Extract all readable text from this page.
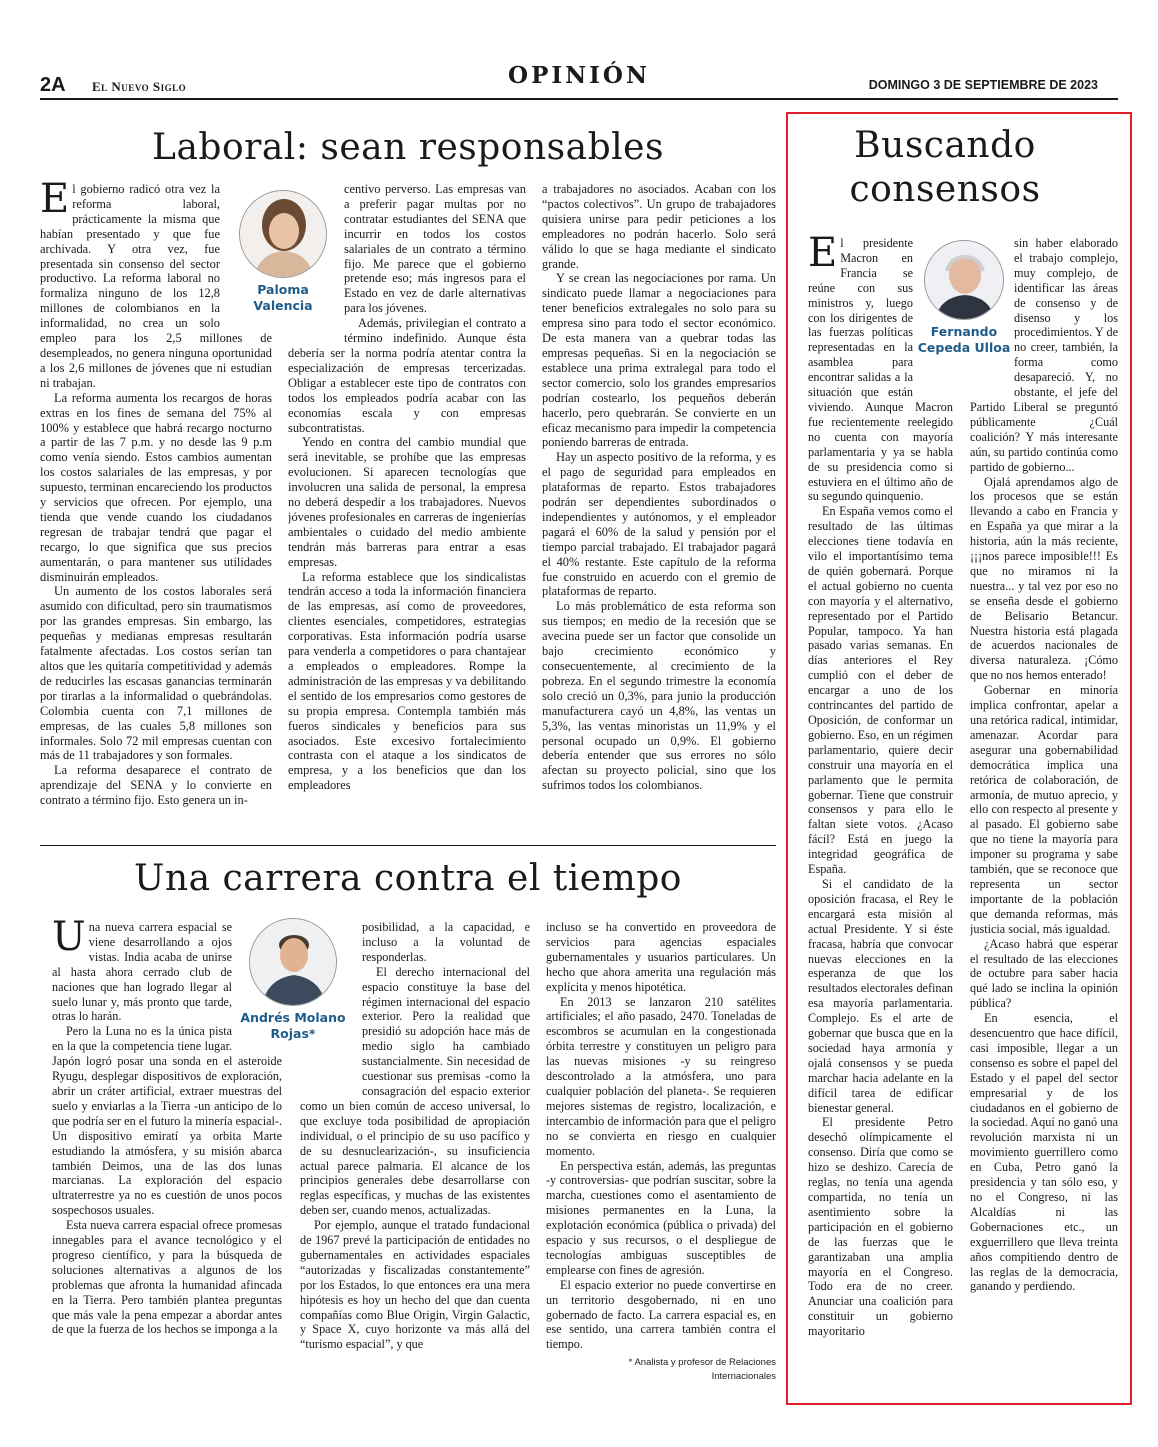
2A El Nuevo Siglo	OPINIÓN	DOMINGO 3 DE SEPTIEMBRE DE 2023
Laboral: sean responsables
Paloma
Valencia

El gobierno radicó otra vez la reforma laboral, prácticamente la misma que habían presentado y que fue archivada. Y otra vez, fue presentada sin consenso del sector productivo. La reforma laboral no formaliza ninguno de los 12,8 millones de colombianos en la informalidad, no crea un solo empleo para los 2,5 millones de desempleados, no genera ninguna oportunidad a los 2,6 millones de jóvenes que ni estudian ni trabajan.

La reforma aumenta los recargos de horas extras en los fines de semana del 75% al 100% y establece que habrá recargo nocturno a partir de las 7 p.m. y no desde las 9 p.m como venía siendo. Estos cambios aumentan los costos salariales de las empresas, y por supuesto, terminan encareciendo los productos y servicios que ofrecen. Por ejemplo, una tienda que vende cuando los ciudadanos regresan de trabajar tendrá que pagar el recargo, lo que significa que sus precios aumentarán, o para mantener sus utilidades disminuirán empleados.

Un aumento de los costos laborales será asumido con dificultad, pero sin traumatismos por las grandes empresas. Sin embargo, las pequeñas y medianas empresas resultarán fatalmente afectadas. Los costos serían tan altos que les quitaría competitividad y además de reducirles las escasas ganancias terminarán por tirarlas a la informalidad o quebrándolas. Colombia cuenta con 7,1 millones de empresas, de las cuales 5,8 millones son informales. Solo 72 mil empresas cuentan con más de 11 trabajadores y son formales.

La reforma desaparece el contrato de aprendizaje del SENA y lo convierte en contrato a término fijo. Esto genera un in-

centivo perverso. Las empresas van a preferir pagar multas por no contratar estudiantes del SENA que incurrir en todos los costos salariales de un contrato a término fijo. Me parece que el gobierno pretende eso; más ingresos para el Estado en vez de darle alternativas para los jóvenes.

Además, privilegian el contrato a término indefinido. Aunque ésta debería ser la norma podría atentar contra la especialización de empresas tercerizadas. Obligar a establecer este tipo de contratos con todos los empleados podría acabar con las economías escala y con empresas subcontratistas.

Yendo en contra del cambio mundial que será inevitable, se prohíbe que las empresas evolucionen. Si aparecen tecnologías que involucren una salida de personal, la empresa no deberá despedir a los trabajadores. Nuevos jóvenes profesionales en carreras de ingenierías ambientales o cuidado del medio ambiente tendrán más barreras para entrar a esas empresas.

La reforma establece que los sindicalistas tendrán acceso a toda la información financiera de las empresas, así como de proveedores, clientes esenciales, competidores, estrategias corporativas. Esta información podría usarse para venderla a competidores o para chantajear a empleados o empleadores. Rompe la administración de las empresas y va debilitando el sentido de los empresarios como gestores de su propia empresa. Contempla también más fueros sindicales y beneficios para sus asociados. Este excesivo fortalecimiento contrasta con el ataque a los sindicatos de empresa, y a los beneficios que dan los empleadores

a trabajadores no asociados. Acaban con los “pactos colectivos”. Un grupo de trabajadores quisiera unirse para pedir peticiones a los empleadores no podrán hacerlo. Solo será válido lo que se haga mediante el sindicato grande.

Y se crean las negociaciones por rama. Un sindicato puede llamar a negociaciones para tener beneficios extralegales no solo para su empresa sino para todo el sector económico. De esta manera van a quebrar todas las empresas pequeñas. Si en la negociación se establece una prima extralegal para todo el sector comercio, solo los grandes empresarios podrían costearlo, los pequeños deberán hacerlo, pero quebrarán. Se convierte en un eficaz mecanismo para impedir la competencia poniendo barreras de entrada.

Hay un aspecto positivo de la reforma, y es el pago de seguridad para empleados en plataformas de reparto. Estos trabajadores podrán ser dependientes subordinados o independientes y autónomos, y el empleador pagará el 60% de la salud y pensión por el tiempo parcial trabajado. El trabajador pagará el 40% restante. Este capítulo de la reforma fue construido en acuerdo con el gremio de plataformas de reparto.

Lo más problemático de esta reforma son sus tiempos; en medio de la recesión que se avecina puede ser un factor que consolide un bajo crecimiento económico y consecuentemente, al crecimiento de la pobreza. En el segundo trimestre la economía solo creció un 0,3%, para junio la producción manufacturera cayó un 4,8%, las ventas un 5,3%, las ventas minoristas un 11,9% y el personal ocupado un 0,9%. El gobierno debería entender que sus errores no sólo afectan su proyecto policial, sino que los sufrimos todos los colombianos.

Una carrera contra el tiempo
Andrés Molano
Rojas*

Una nueva carrera espacial se viene desarrollando a ojos vistas. India acaba de unirse al hasta ahora cerrado club de naciones que han logrado llegar al suelo lunar y, más pronto que tarde, otras lo harán.

Pero la Luna no es la única pista en la que la competencia tiene lugar. Japón logró posar una sonda en el asteroide Ryugu, desplegar dispositivos de exploración, abrir un cráter artificial, extraer muestras del suelo y enviarlas a la Tierra -un anticipo de lo que podría ser en el futuro la minería espacial-. Un dispositivo emiratí ya orbita Marte estudiando la atmósfera, y su misión abarca también Deimos, una de las dos lunas marcianas. La exploración del espacio ultraterrestre ya no es cuestión de unos pocos sospechosos usuales.

Esta nueva carrera espacial ofrece promesas innegables para el avance tecnológico y el progreso científico, y para la búsqueda de soluciones alternativas a algunos de los problemas que afronta la humanidad afincada en la Tierra. Pero también plantea preguntas que más vale la pena empezar a abordar antes de que la fuerza de los hechos se imponga a la

posibilidad, a la capacidad, e incluso a la voluntad de responderlas.

El derecho internacional del espacio constituye la base del régimen internacional del espacio exterior. Pero la realidad que presidió su adopción hace más de medio siglo ha cambiado sustancialmente. Sin necesidad de cuestionar sus premisas -como la consagración del espacio exterior como un bien común de acceso universal, lo que excluye toda posibilidad de apropiación individual, o el principio de su uso pacífico y de su desnuclearización-, su insuficiencia actual parece palmaria. El alcance de los principios generales debe desarrollarse con reglas específicas, y muchas de las existentes deben ser, cuando menos, actualizadas.

Por ejemplo, aunque el tratado fundacional de 1967 prevé la participación de entidades no gubernamentales en actividades espaciales “autorizadas y fiscalizadas constantemente” por los Estados, lo que entonces era una mera hipótesis es hoy un hecho del que dan cuenta compañías como Blue Origin, Virgin Galactic, y Space X, cuyo horizonte va más allá del “turismo espacial”, y que

incluso se ha convertido en proveedora de servicios para agencias espaciales gubernamentales y usuarios particulares. Un hecho que ahora amerita una regulación más explícita y menos hipotética.

En 2013 se lanzaron 210 satélites artificiales; el año pasado, 2470. Toneladas de escombros se acumulan en la congestionada órbita terrestre y constituyen un peligro para las nuevas misiones -y su reingreso descontrolado a la atmósfera, uno para cualquier población del planeta-. Se requieren mejores sistemas de registro, localización, e intercambio de información para que el peligro no se convierta en riesgo en cualquier momento.

En perspectiva están, además, las preguntas -y controversias- que podrían suscitar, sobre la marcha, cuestiones como el asentamiento de misiones permanentes en la Luna, la explotación económica (pública o privada) del espacio y sus recursos, o el despliegue de tecnologías ambiguas susceptibles de emplearse con fines de agresión.

El espacio exterior no puede convertirse en un territorio desgobernado, ni en uno gobernado de facto. La carrera espacial es, en ese sentido, una carrera también contra el tiempo.

* Analista y profesor de Relaciones
Internacionales
Buscando
consensos
Fernando
Cepeda Ulloa

El presidente Macron en Francia se reúne con sus ministros y, luego con los dirigentes de las fuerzas políticas representadas en la asamblea para encontrar salidas a la situación que están viviendo. Aunque Macron fue recientemente reelegido no cuenta con mayoría parlamentaria y ya se habla de su presidencia como si estuviera en el último año de su segundo quinquenio.

En España vemos como el resultado de las últimas elecciones tiene todavía en vilo el importantísimo tema de quién gobernará. Porque el actual gobierno no cuenta con mayoría y el alternativo, representado por el Partido Popular, tampoco. Ya han pasado varias semanas. En días anteriores el Rey cumplió con el deber de encargar a uno de los contrincantes del partido de Oposición, de conformar un gobierno. Eso, en un régimen parlamentario, quiere decir construir una mayoría en el parlamento que le permita gobernar. Tiene que construir consensos y para ello le faltan siete votos. ¿Acaso fácil? Está en juego la integridad geográfica de España.

Si el candidato de la oposición fracasa, el Rey le encargará esta misión al actual Presidente. Y si éste fracasa, habría que convocar nuevas elecciones en la esperanza de que los resultados electorales definan esa mayoría parlamentaria. Complejo. Es el arte de gobernar que busca que en la sociedad haya armonía y ojalá consensos y se pueda marchar hacia adelante en la difícil tarea de edificar bienestar general.

El presidente Petro desechó olímpicamente el consenso. Diría que como se hizo se deshizo. Carecía de reglas, no tenía una agenda compartida, no tenía un asentimiento sobre la participación en el gobierno de las fuerzas que le garantizaban una amplia mayoría en el Congreso. Todo era de no creer. Anunciar una coalición para constituir un gobierno mayoritario

sin haber elaborado el trabajo complejo, muy complejo, de identificar las áreas de consenso y de disenso y los procedimientos. Y de no creer, también, la forma como desapareció. Y, no obstante, el jefe del Partido Liberal se preguntó públicamente ¿Cuál coalición? Y más interesante aún, su partido continúa como partido de gobierno...

Ojalá aprendamos algo de los procesos que se están llevando a cabo en Francia y en España ya que mirar a la historia, aún la más reciente, ¡¡¡nos parece imposible!!! Es que no miramos ni la nuestra... y tal vez por eso no se enseña desde el gobierno de Belisario Betancur. Nuestra historia está plagada de acuerdos nacionales de diversa naturaleza. ¡Cómo que no nos hemos enterado!

Gobernar en minoría implica confrontar, apelar a una retórica radical, intimidar, amenazar. Acordar para asegurar una gobernabilidad democrática implica una retórica de colaboración, de armonía, de mutuo aprecio, y ello con respecto al presente y al pasado. El gobierno sabe que no tiene la mayoría para imponer su programa y sabe también, que se reconoce que representa un sector importante de la población que demanda reformas, más justicia social, más igualdad.

¿Acaso habrá que esperar el resultado de las elecciones de octubre para saber hacia qué lado se inclina la opinión pública?

En esencia, el desencuentro que hace difícil, casi imposible, llegar a un consenso es sobre el papel del Estado y el papel del sector empresarial y de los ciudadanos en el gobierno de la sociedad. Aquí no ganó una revolución marxista ni un movimiento guerrillero como en Cuba, Petro ganó la presidencia y tan sólo eso, y no el Congreso, ni las Alcaldías ni las Gobernaciones etc., un exguerrillero que lleva treinta años compitiendo dentro de las reglas de la democracia, ganando y perdiendo.
